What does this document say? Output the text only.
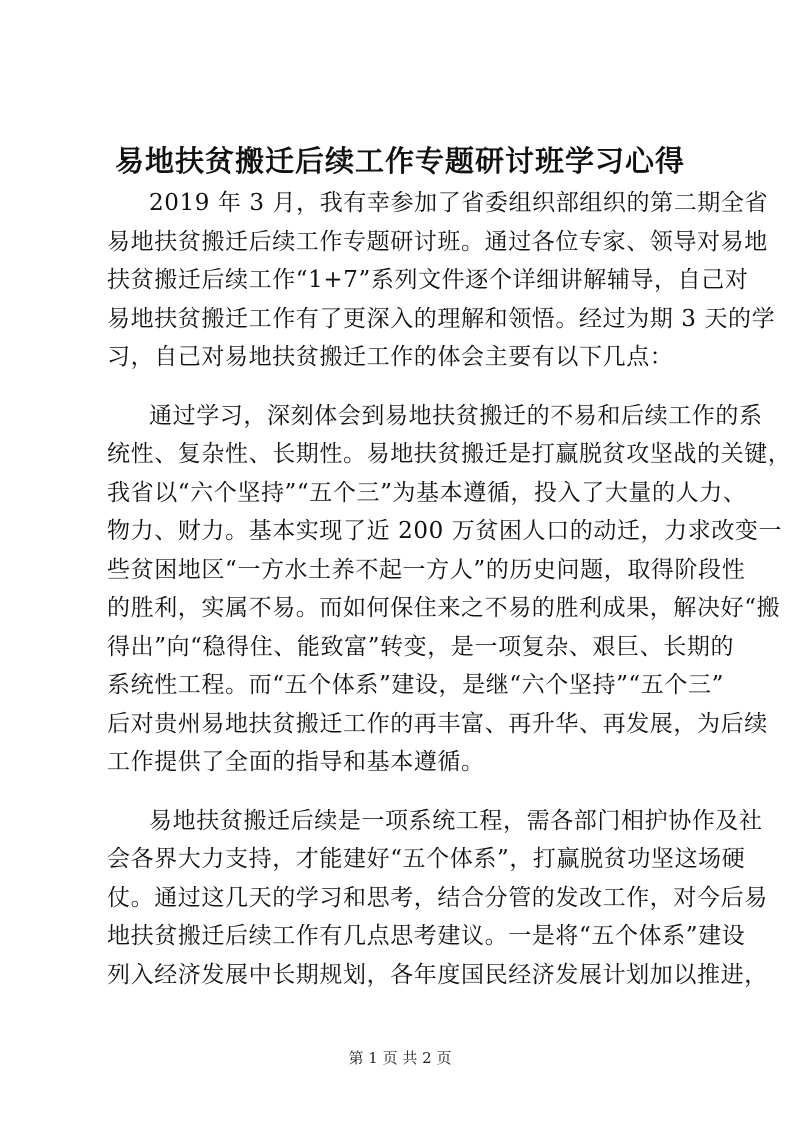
易地扶贫搬迁后续工作专题研讨班学习心得
2019 年 3 月，我有幸参加了省委组织部组织的第二期全省
易地扶贫搬迁后续工作专题研讨班。通过各位专家、领导对易地
扶贫搬迁后续工作“1+7”系列文件逐个详细讲解辅导，自己对
易地扶贫搬迁工作有了更深入的理解和领悟。经过为期 3 天的学
习，自己对易地扶贫搬迁工作的体会主要有以下几点：
通过学习，深刻体会到易地扶贫搬迁的不易和后续工作的系
统性、复杂性、长期性。易地扶贫搬迁是打赢脱贫攻坚战的关键，
我省以“六个坚持”“五个三”为基本遵循，投入了大量的人力、
物力、财力。基本实现了近 200 万贫困人口的动迁，力求改变一
些贫困地区“一方水土养不起一方人”的历史问题，取得阶段性
的胜利，实属不易。而如何保住来之不易的胜利成果，解决好“搬
得出”向“稳得住、能致富”转变，是一项复杂、艰巨、长期的
系统性工程。而“五个体系”建设，是继“六个坚持”“五个三”
后对贵州易地扶贫搬迁工作的再丰富、再升华、再发展，为后续
工作提供了全面的指导和基本遵循。
易地扶贫搬迁后续是一项系统工程，需各部门相护协作及社
会各界大力支持，才能建好“五个体系”，打赢脱贫功坚这场硬
仗。通过这几天的学习和思考，结合分管的发改工作，对今后易
地扶贫搬迁后续工作有几点思考建议。一是将“五个体系”建设
列入经济发展中长期规划，各年度国民经济发展计划加以推进，
第 1 页 共 2 页
